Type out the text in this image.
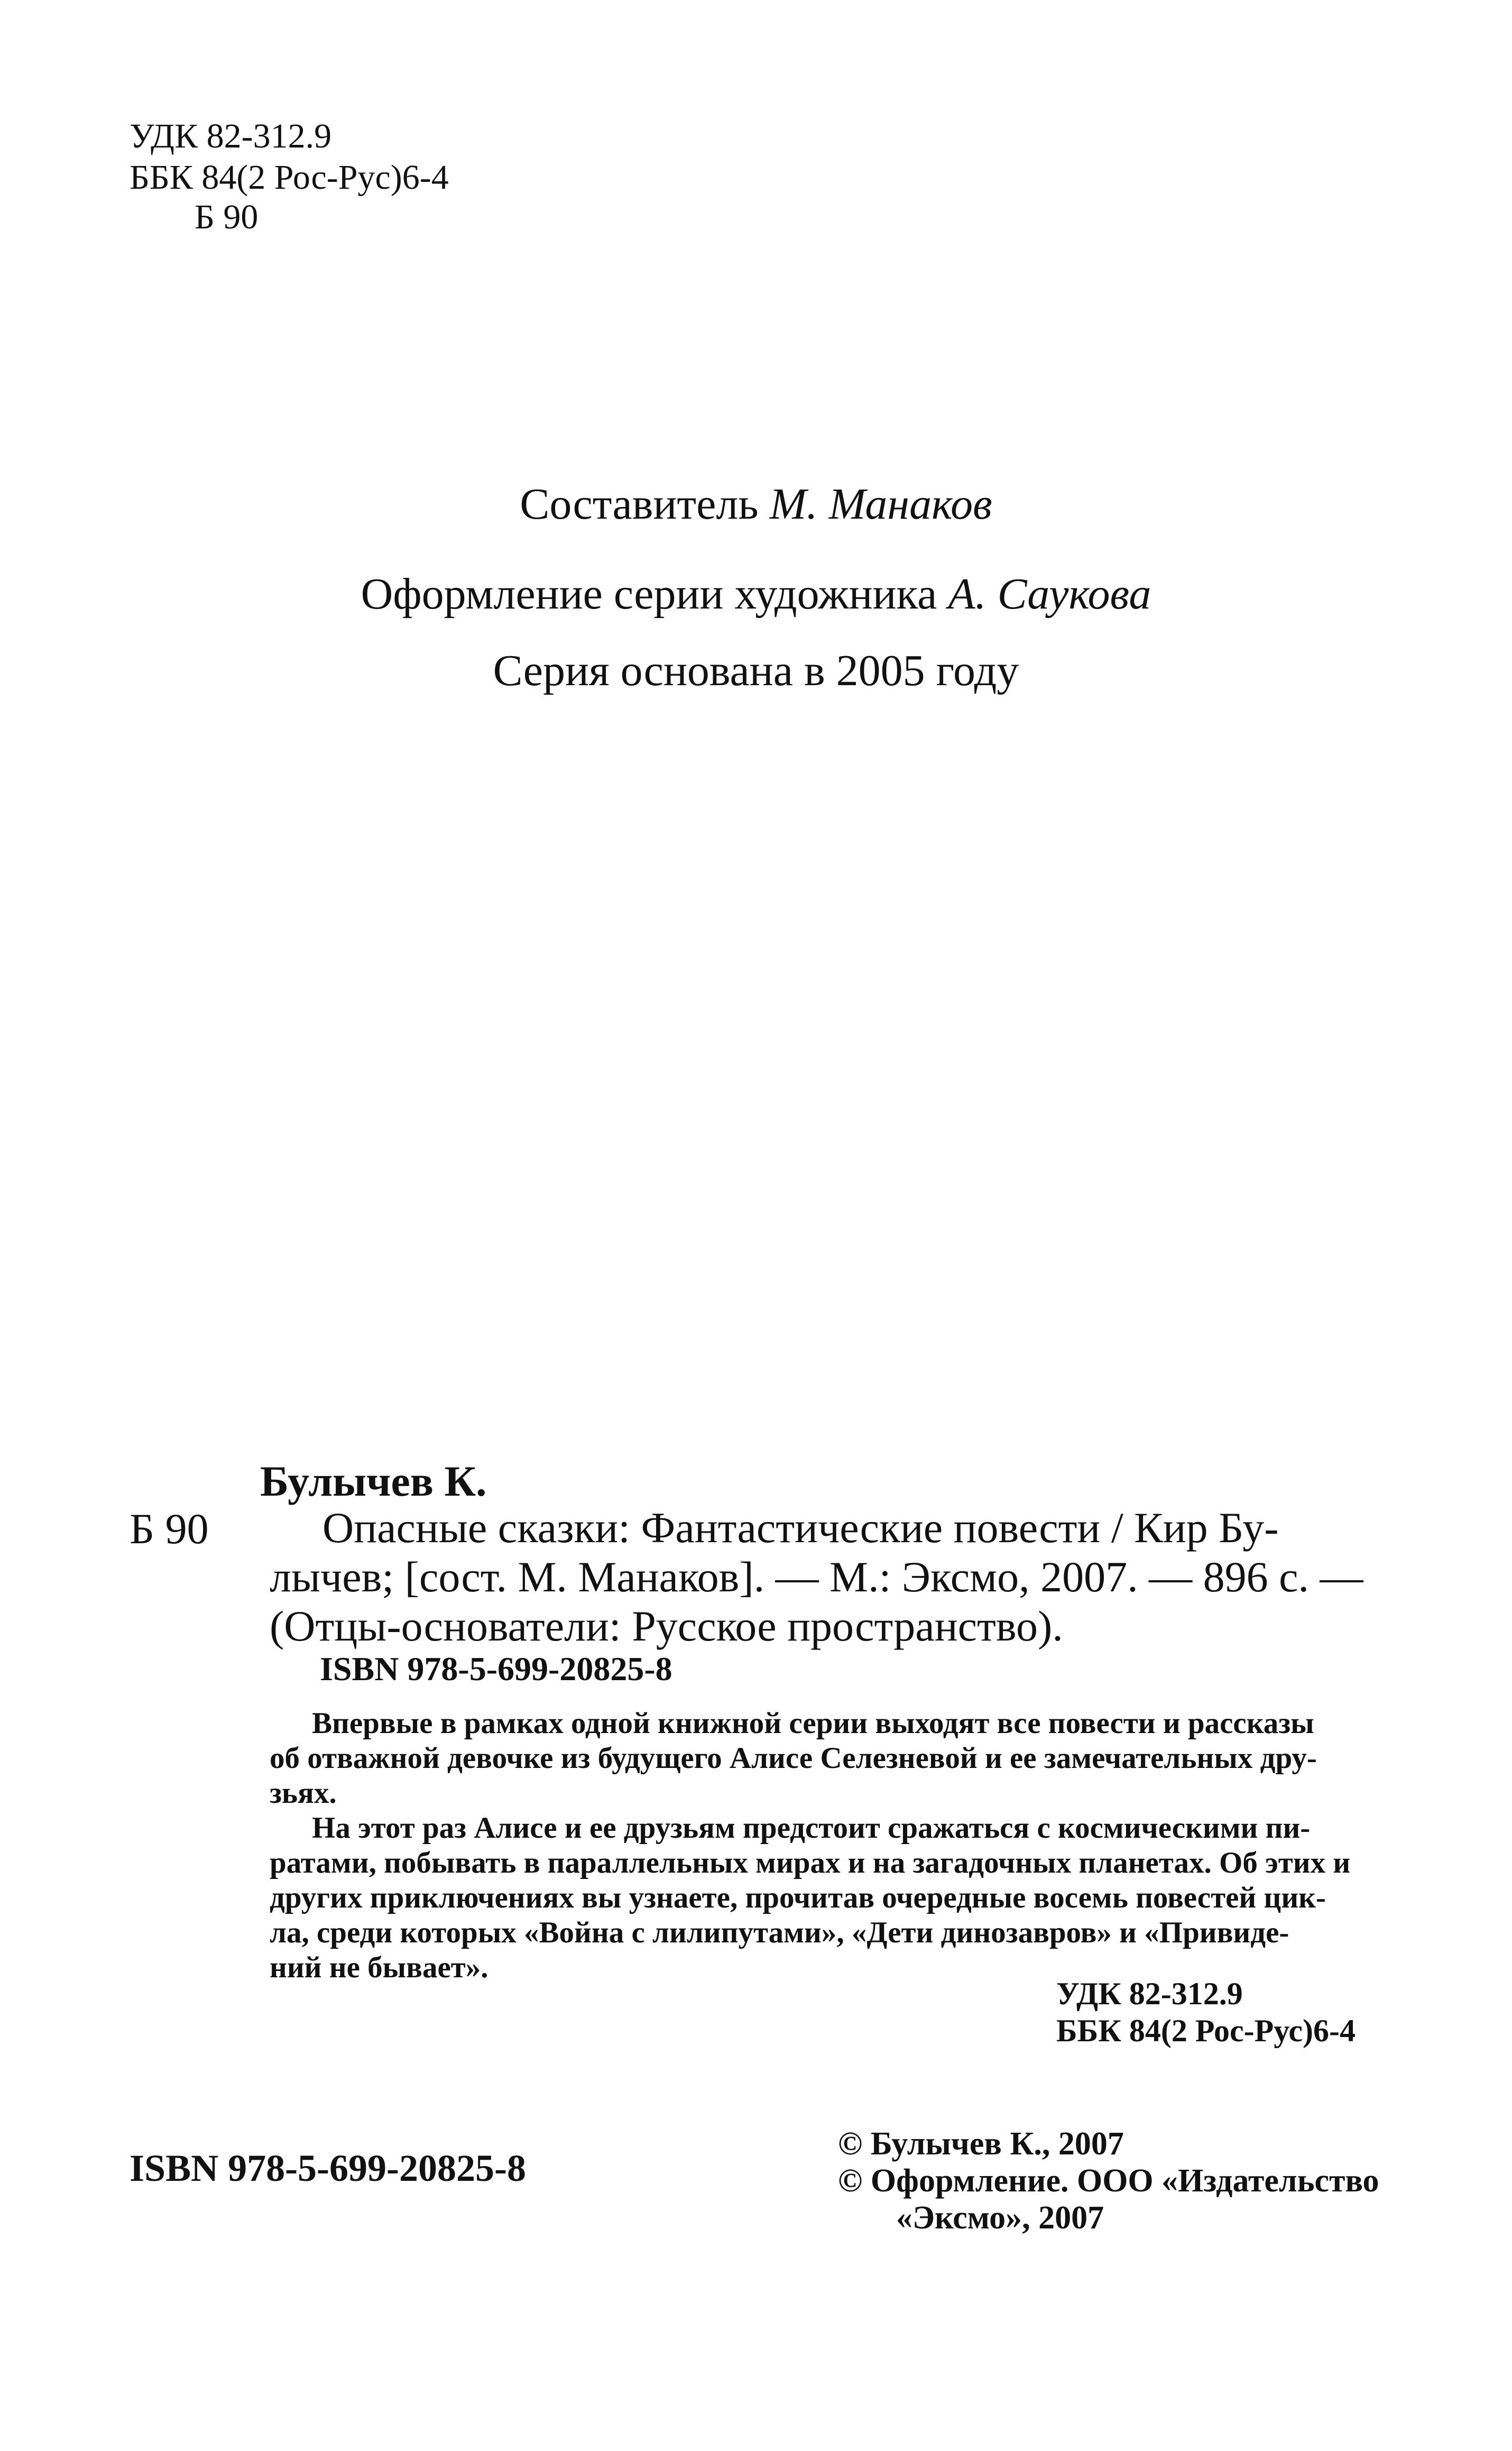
УДК 82-312.9
ББК 84(2 Рос-Рус)6-4
Б 90
Составитель М. Манаков
Оформление серии художника А. Саукова
Серия основана в 2005 году
Булычев К.
Б 90	Опасные сказки: Фантастические повести / Кир Бу-
лычев; [сост. М. Манаков]. — М.: Эксмо, 2007. — 896 с. —
(Отцы-основатели: Русское пространство).
ISBN 978-5-699-20825-8
Впервые в рамках одной книжной серии выходят все повести и рассказы
об отважной девочке из будущего Алисе Селезневой и ее замечательных дру-
зьях.
На этот раз Алисе и ее друзьям предстоит сражаться с космическими пи-
ратами, побывать в параллельных мирах и на загадочных планетах. Об этих и
других приключениях вы узнаете, прочитав очередные восемь повестей цик-
ла, среди которых «Война с лилипутами», «Дети динозавров» и «Привиде-
ний не бывает».
УДК 82-312.9
ББК 84(2 Рос-Рус)6-4
ISBN 978-5-699-20825-8
© Булычев К., 2007
© Оформление. ООО «Издательство
«Эксмо», 2007
